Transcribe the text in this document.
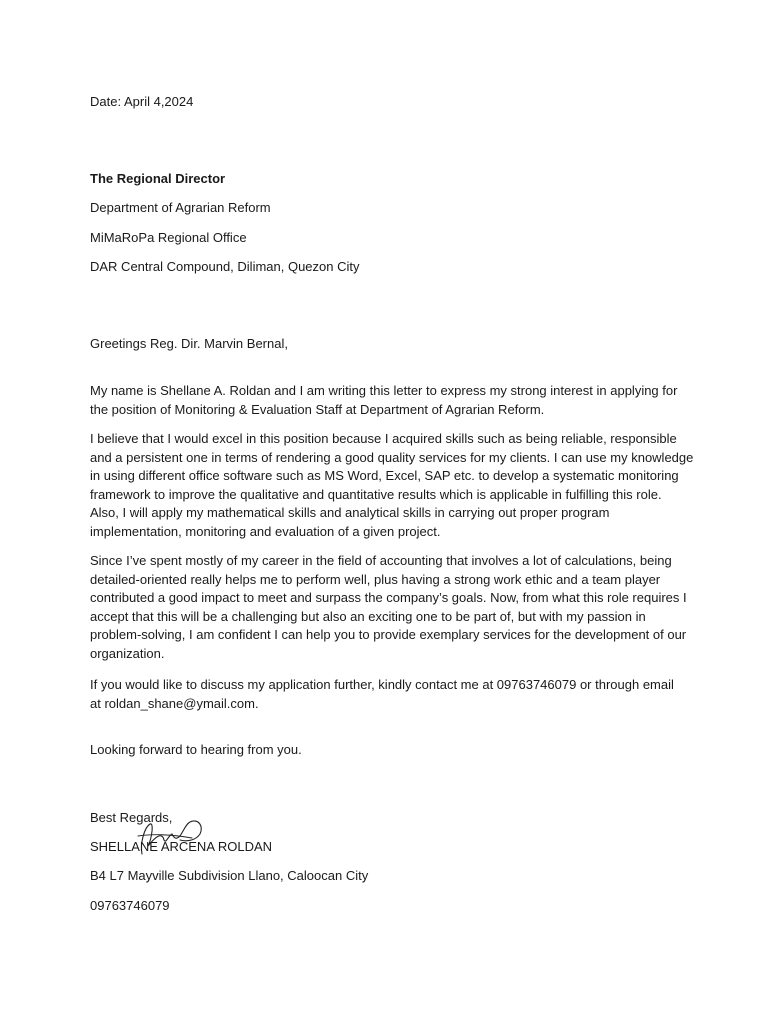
Date: April 4,2024
The Regional Director
Department of Agrarian Reform
MiMaRoPa Regional Office
DAR Central Compound, Diliman, Quezon City
Greetings Reg. Dir. Marvin Bernal,
My name is Shellane A. Roldan and I am writing this letter to express my strong interest in applying for
the position of Monitoring & Evaluation Staff at Department of Agrarian Reform.
I believe that I would excel in this position because I acquired skills such as being reliable, responsible
and a persistent one in terms of rendering a good quality services for my clients. I can use my knowledge
in using different office software such as MS Word, Excel, SAP etc. to develop a systematic monitoring
framework to improve the qualitative and quantitative results which is applicable in fulfilling this role.
Also, I will apply my mathematical skills and analytical skills in carrying out proper program
implementation, monitoring and evaluation of a given project.
Since I’ve spent mostly of my career in the field of accounting that involves a lot of calculations, being
detailed-oriented really helps me to perform well, plus having a strong work ethic and a team player
contributed a good impact to meet and surpass the company’s goals. Now, from what this role requires I
accept that this will be a challenging but also an exciting one to be part of, but with my passion in
problem-solving, I am confident I can help you to provide exemplary services for the development of our
organization.
If you would like to discuss my application further, kindly contact me at 09763746079 or through email
at roldan_shane@ymail.com.
Looking forward to hearing from you.
Best Regards,
SHELLANE ARCENA ROLDAN
B4 L7 Mayville Subdivision Llano, Caloocan City
09763746079
